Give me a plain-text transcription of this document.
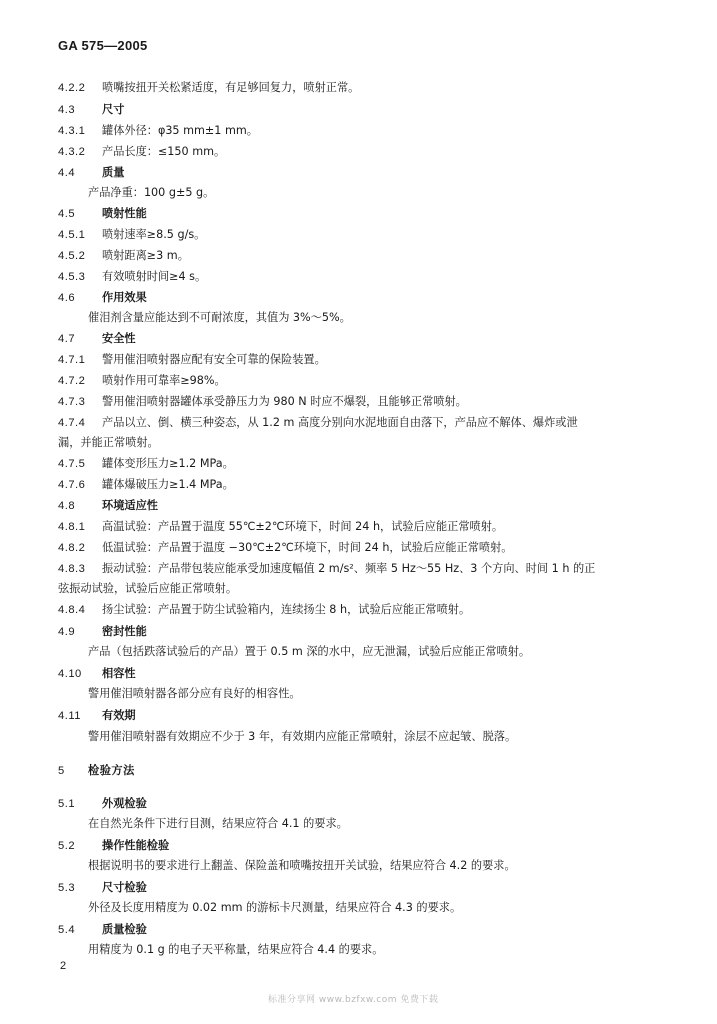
GA 575—2005
4.2.2 喷嘴按扭开关松紧适度，有足够回复力，喷射正常。
4.3 尺寸
4.3.1 罐体外径：φ35 mm±1 mm。
4.3.2 产品长度：≤150 mm。
4.4 质量
产品净重：100 g±5 g。
4.5 喷射性能
4.5.1 喷射速率≥8.5 g/s。
4.5.2 喷射距离≥3 m。
4.5.3 有效喷射时间≥4 s。
4.6 作用效果
催泪剂含量应能达到不可耐浓度，其值为 3%～5%。
4.7 安全性
4.7.1 警用催泪喷射器应配有安全可靠的保险装置。
4.7.2 喷射作用可靠率≥98%。
4.7.3 警用催泪喷射器罐体承受静压力为 980 N 时应不爆裂，且能够正常喷射。
4.7.4 产品以立、倒、横三种姿态，从 1.2 m 高度分别向水泥地面自由落下，产品应不解体、爆炸或泄
漏，并能正常喷射。
4.7.5 罐体变形压力≥1.2 MPa。
4.7.6 罐体爆破压力≥1.4 MPa。
4.8 环境适应性
4.8.1 高温试验：产品置于温度 55℃±2℃环境下，时间 24 h，试验后应能正常喷射。
4.8.2 低温试验：产品置于温度 −30℃±2℃环境下，时间 24 h，试验后应能正常喷射。
4.8.3 振动试验：产品带包装应能承受加速度幅值 2 m/s²、频率 5 Hz～55 Hz、3 个方向、时间 1 h 的正
弦振动试验，试验后应能正常喷射。
4.8.4 扬尘试验：产品置于防尘试验箱内，连续扬尘 8 h，试验后应能正常喷射。
4.9 密封性能
产品（包括跌落试验后的产品）置于 0.5 m 深的水中，应无泄漏，试验后应能正常喷射。
4.10 相容性
警用催泪喷射器各部分应有良好的相容性。
4.11 有效期
警用催泪喷射器有效期应不少于 3 年，有效期内应能正常喷射，涂层不应起皱、脱落。
5 检验方法
5.1 外观检验
在自然光条件下进行目测，结果应符合 4.1 的要求。
5.2 操作性能检验
根据说明书的要求进行上翻盖、保险盖和喷嘴按扭开关试验，结果应符合 4.2 的要求。
5.3 尺寸检验
外径及长度用精度为 0.02 mm 的游标卡尺测量，结果应符合 4.3 的要求。
5.4 质量检验
用精度为 0.1 g 的电子天平称量，结果应符合 4.4 的要求。
2
标准分享网 www.bzfxw.com 免费下载
